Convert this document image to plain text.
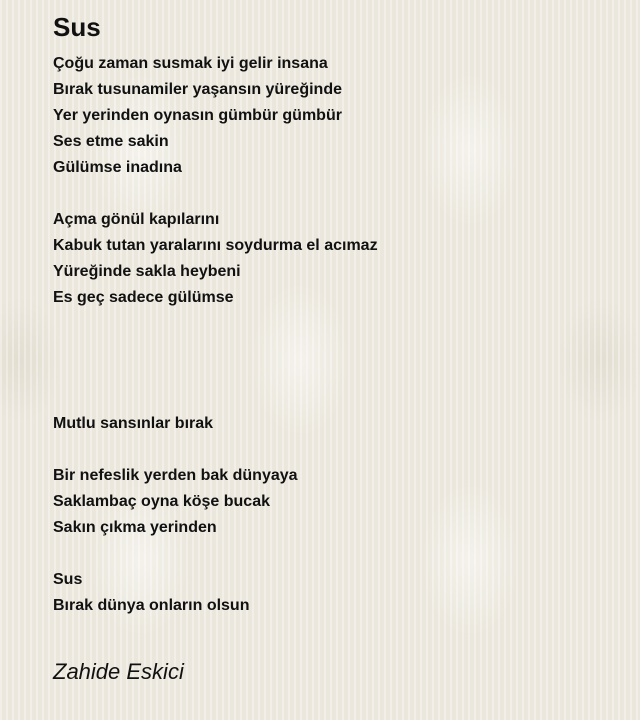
Sus
Çoğu zaman susmak iyi gelir insana
Bırak tusunamiler yaşansın yüreğinde
Yer yerinden oynasın gümbür gümbür
Ses etme sakin
Gülümse inadına
Açma gönül kapılarını
Kabuk tutan yaralarını soydurma el acımaz
Yüreğinde sakla heybeni
Es geç sadece gülümse
Mutlu sansınlar bırak
Bir nefeslik yerden bak dünyaya
Saklambaç oyna köşe bucak
Sakın çıkma yerinden
Sus
Bırak dünya onların olsun
Zahide Eskici
